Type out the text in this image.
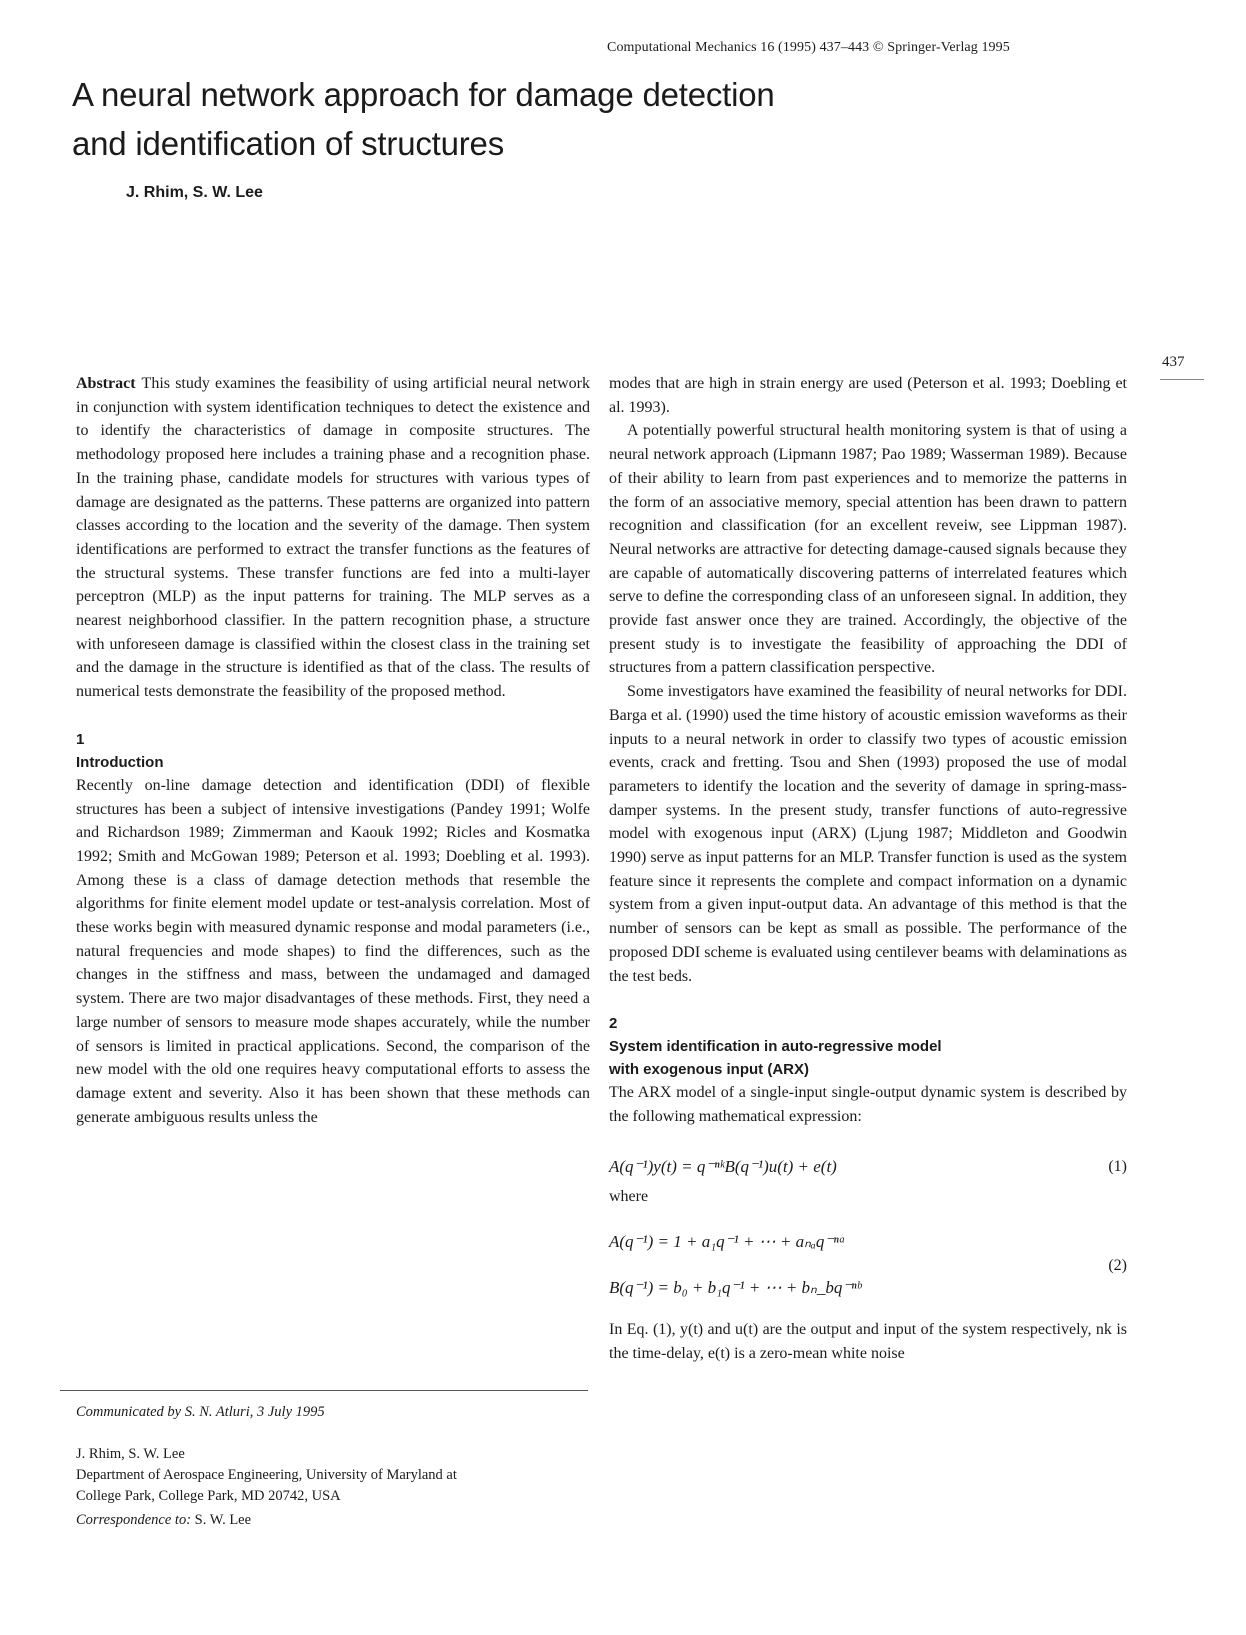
Computational Mechanics 16 (1995) 437–443 © Springer-Verlag 1995
A neural network approach for damage detection
and identification of structures
J. Rhim, S. W. Lee
437

Abstract This study examines the feasibility of using artificial neural network in conjunction with system identification techniques to detect the existence and to identify the characteristics of damage in composite structures. The methodology proposed here includes a training phase and a recognition phase. In the training phase, candidate models for structures with various types of damage are designated as the patterns. These patterns are organized into pattern classes according to the location and the severity of the damage. Then system identifications are performed to extract the transfer functions as the features of the structural systems. These transfer functions are fed into a multi-layer perceptron (MLP) as the input patterns for training. The MLP serves as a nearest neighborhood classifier. In the pattern recognition phase, a structure with unforeseen damage is classified within the closest class in the training set and the damage in the structure is identified as that of the class. The results of numerical tests demonstrate the feasibility of the proposed method.

1
Introduction

Recently on-line damage detection and identification (DDI) of flexible structures has been a subject of intensive investigations (Pandey 1991; Wolfe and Richardson 1989; Zimmerman and Kaouk 1992; Ricles and Kosmatka 1992; Smith and McGowan 1989; Peterson et al. 1993; Doebling et al. 1993). Among these is a class of damage detection methods that resemble the algorithms for finite element model update or test-analysis correlation. Most of these works begin with measured dynamic response and modal parameters (i.e., natural frequencies and mode shapes) to find the differences, such as the changes in the stiffness and mass, between the undamaged and damaged system. There are two major disadvantages of these methods. First, they need a large number of sensors to measure mode shapes accurately, while the number of sensors is limited in practical applications. Second, the comparison of the new model with the old one requires heavy computational efforts to assess the damage extent and severity. Also it has been shown that these methods can generate ambiguous results unless the

modes that are high in strain energy are used (Peterson et al. 1993; Doebling et al. 1993).

A potentially powerful structural health monitoring system is that of using a neural network approach (Lipmann 1987; Pao 1989; Wasserman 1989). Because of their ability to learn from past experiences and to memorize the patterns in the form of an associative memory, special attention has been drawn to pattern recognition and classification (for an excellent reveiw, see Lippman 1987). Neural networks are attractive for detecting damage-caused signals because they are capable of automatically discovering patterns of interrelated features which serve to define the corresponding class of an unforeseen signal. In addition, they provide fast answer once they are trained. Accordingly, the objective of the present study is to investigate the feasibility of approaching the DDI of structures from a pattern classification perspective.

Some investigators have examined the feasibility of neural networks for DDI. Barga et al. (1990) used the time history of acoustic emission waveforms as their inputs to a neural network in order to classify two types of acoustic emission events, crack and fretting. Tsou and Shen (1993) proposed the use of modal parameters to identify the location and the severity of damage in spring-mass-damper systems. In the present study, transfer functions of auto-regressive model with exogenous input (ARX) (Ljung 1987; Middleton and Goodwin 1990) serve as input patterns for an MLP. Transfer function is used as the system feature since it represents the complete and compact information on a dynamic system from a given input-output data. An advantage of this method is that the number of sensors can be kept as small as possible. The performance of the proposed DDI scheme is evaluated using centilever beams with delaminations as the test beds.

2
System identification in auto-regressive model
with exogenous input (ARX)

The ARX model of a single-input single-output dynamic system is described by the following mathematical expression:

A(q⁻¹)y(t) = q⁻ⁿᵏB(q⁻¹)u(t) + e(t)	(1)

where

A(q⁻¹) = 1 + a₁q⁻¹ + ⋯ + aₙₐq⁻ⁿᵃ
B(q⁻¹) = b₀ + b₁q⁻¹ + ⋯ + bₙ_bq⁻ⁿᵇ
(2)

In Eq. (1), y(t) and u(t) are the output and input of the system respectively, nk is the time-delay, e(t) is a zero-mean white noise

Communicated by S. N. Atluri, 3 July 1995
J. Rhim, S. W. Lee
Department of Aerospace Engineering, University of Maryland at
College Park, College Park, MD 20742, USA
Correspondence to: S. W. Lee
